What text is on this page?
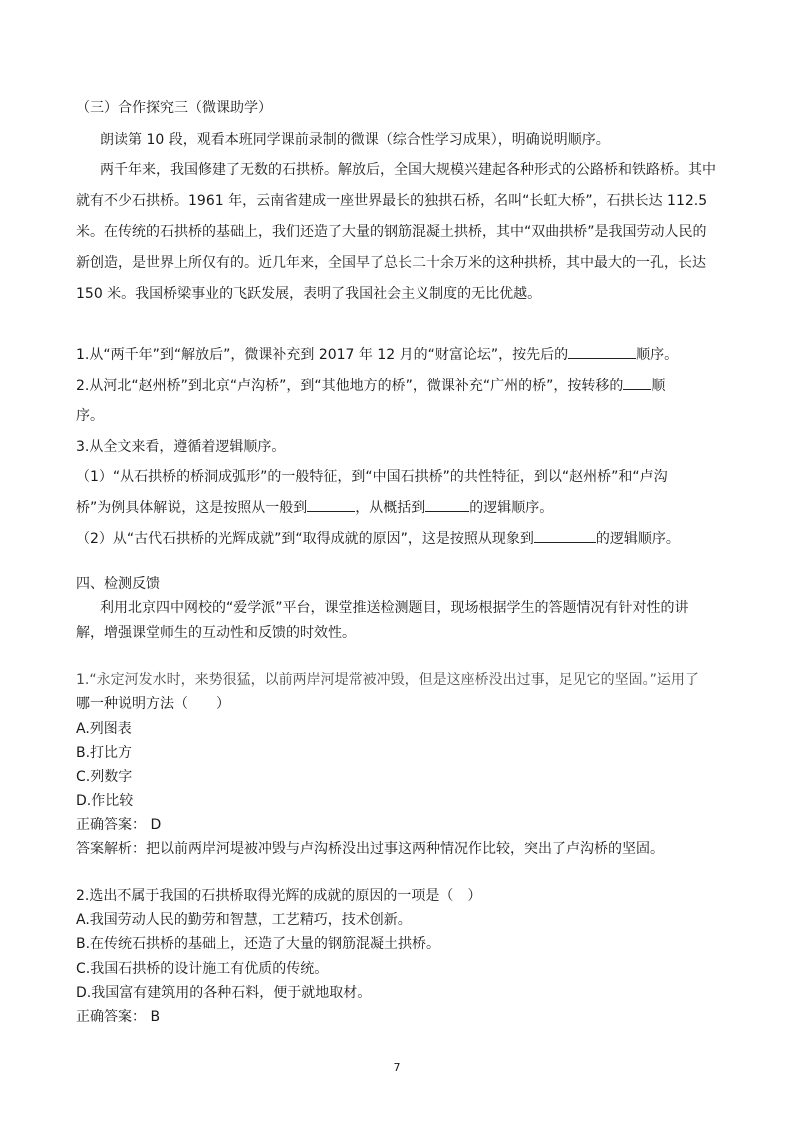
（三）合作探究三（微课助学）
朗读第 10 段，观看本班同学课前录制的微课（综合性学习成果），明确说明顺序。
两千年来，我国修建了无数的石拱桥。解放后，全国大规模兴建起各种形式的公路桥和铁路桥。其中
就有不少石拱桥。1961 年，云南省建成一座世界最长的独拱石桥，名叫“长虹大桥”，石拱长达 112.5
米。在传统的石拱桥的基础上，我们还造了大量的钢筋混凝土拱桥，其中“双曲拱桥”是我国劳动人民的
新创造，是世界上所仅有的。近几年来，全国早了总长二十余万米的这种拱桥，其中最大的一孔，长达
150 米。我国桥梁事业的飞跃发展，表明了我国社会主义制度的无比优越。
1.从“两千年”到“解放后”，微课补充到 2017 年 12 月的“财富论坛”，按先后的	顺序。
2.从河北“赵州桥”到北京“卢沟桥”，到“其他地方的桥”，微课补充“广州的桥”，按转移的 顺
序。
3.从全文来看，遵循着逻辑顺序。
（1）“从石拱桥的桥洞成弧形”的一般特征，到“中国石拱桥”的共性特征，到以“赵州桥”和“卢沟
桥”为例具体解说，这是按照从一般到	，从概括到	的逻辑顺序。
（2）从“古代石拱桥的光辉成就”到“取得成就的原因”，这是按照从现象到	的逻辑顺序。
四、检测反馈
利用北京四中网校的“爱学派”平台，课堂推送检测题目，现场根据学生的答题情况有针对性的讲
解，增强课堂师生的互动性和反馈的时效性。
1.“永定河发水时，来势很猛，以前两岸河堤常被冲毁，但是这座桥没出过事，足见它的坚固。”运用了
哪一种说明方法（　　）
A.列图表
B.打比方
C.列数字
D.作比较
正确答案： D
答案解析：把以前两岸河堤被冲毁与卢沟桥没出过事这两种情况作比较，突出了卢沟桥的坚固。
2.选出不属于我国的石拱桥取得光辉的成就的原因的一项是（　）
A.我国劳动人民的勤劳和智慧，工艺精巧，技术创新。
B.在传统石拱桥的基础上，还造了大量的钢筋混凝土拱桥。
C.我国石拱桥的设计施工有优质的传统。
D.我国富有建筑用的各种石料，便于就地取材。
正确答案： B
7
